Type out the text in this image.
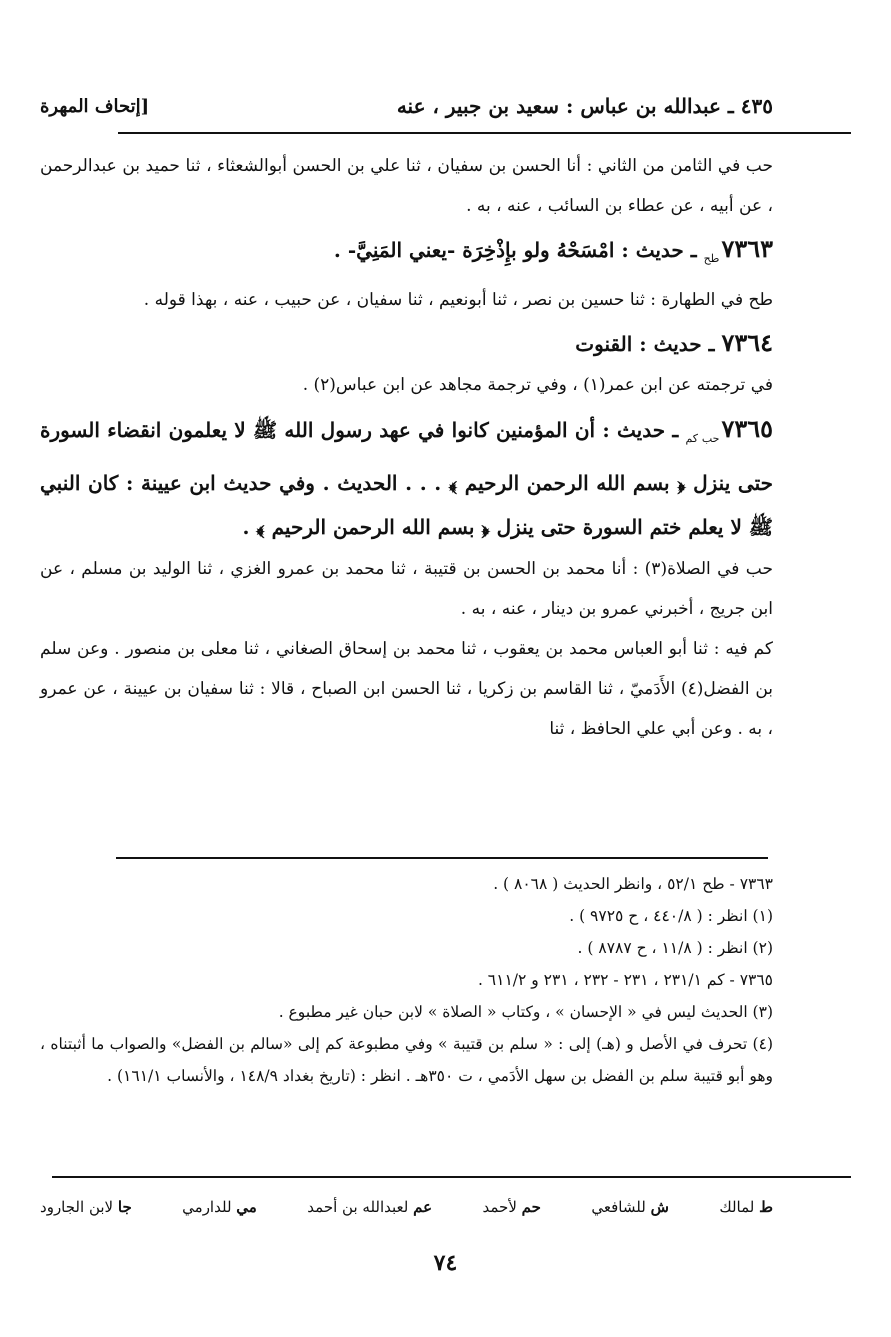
٤٣٥ ـ عبدالله بن عباس : سعيد بن جبير ، عنه
[إتحاف المهرة

حب في الثامن من الثاني : أنا الحسن بن سفيان ، ثنا علي بن الحسن أبوالشعثاء ، ثنا حميد بن عبدالرحمن ، عن أبيه ، عن عطاء بن السائب ، عنه ، به .

$٧٣٦٣_{طح}$ ـ حديث : امْسَحْهُ ولو بإِذْخِرَة -يعني المَنِيَّ- .

طح في الطهارة : ثنا حسين بن نصر ، ثنا أبونعيم ، ثنا سفيان ، عن حبيب ، عنه ، بهذا قوله .

٧٣٦٤ ـ حديث : القنوت

في ترجمته عن ابن عمر(١) ، وفي ترجمة مجاهد عن ابن عباس(٢) .

$٧٣٦٥_{حب كم}$ ـ حديث : أن المؤمنين كانوا في عهد رسول الله ﷺ لا يعلمون انقضاء السورة حتى ينزل ﴿ بسم الله الرحمن الرحيم ﴾ . . . الحديث . وفي حديث ابن عيينة : كان النبي ﷺ لا يعلم ختم السورة حتى ينزل ﴿ بسم الله الرحمن الرحيم ﴾ .

حب في الصلاة(٣) : أنا محمد بن الحسن بن قتيبة ، ثنا محمد بن عمرو الغزي ، ثنا الوليد بن مسلم ، عن ابن جريج ، أخبرني عمرو بن دينار ، عنه ، به .

كم فيه : ثنا أبو العباس محمد بن يعقوب ، ثنا محمد بن إسحاق الصغاني ، ثنا معلى بن منصور . وعن سلم بن الفضل(٤) الأَدَميّ ، ثنا القاسم بن زكريا ، ثنا الحسن ابن الصباح ، قالا : ثنا سفيان بن عيينة ، عن عمرو ، به . وعن أبي علي الحافظ ، ثنا

٧٣٦٣ - طح ٥٢/١ ، وانظر الحديث ( ٨٠٦٨ ) .

(١) انظر : ( ٤٤٠/٨ ، ح ٩٧٢٥ ) .

(٢) انظر : ( ١١/٨ ، ح ٨٧٨٧ ) .

٧٣٦٥ - كم ٢٣١/١ ، ٢٣١ - ٢٣٢ ، ٢٣١ و ٦١١/٢ .

(٣) الحديث ليس في « الإحسان » ، وكتاب « الصلاة » لابن حبان غير مطبوع .

(٤) تحرف في الأصل و (هـ) إلى : « سلم بن قتيبة » وفي مطبوعة كم إلى «سالم بن الفضل» والصواب ما أثبتناه ، وهو أبو قتيبة سلم بن الفضل بن سهل الأدَمي ، ت ٣٥٠هـ . انظر : (تاريخ بغداد ١٤٨/٩ ، والأنساب ١٦١/١) .

ط لمالك
ش للشافعي
حم لأحمد
عم لعبدالله بن أحمد
مي للدارمي
جا لابن الجارود
٧٤
